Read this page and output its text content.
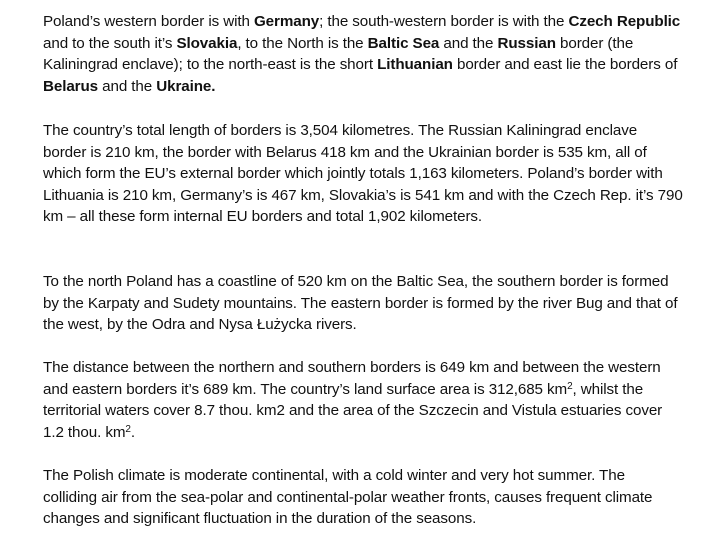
Poland’s western border is with Germany; the south-western border is with the Czech Republic and to the south it’s Slovakia, to the North is the Baltic Sea and the Russian border (the Kaliningrad enclave); to the north-east is the short Lithuanian border and east lie the borders of Belarus and the Ukraine.

The country’s total length of borders is 3,504 kilometres. The Russian Kaliningrad enclave border is 210 km, the border with Belarus 418 km and the Ukrainian border is 535 km, all of which form the EU’s external border which jointly totals 1,163 kilometers. Poland’s border with Lithuania is 210 km, Germany’s is 467 km, Slovakia’s is 541 km and with the Czech Rep. it’s 790 km – all these form internal EU borders and total 1,902 kilometers.

To the north Poland has a coastline of 520 km on the Baltic Sea, the southern border is formed by the Karpaty and Sudety mountains. The eastern border is formed by the river Bug and that of the west, by the Odra and Nysa Łużycka rivers.

The distance between the northern and southern borders is 649 km and between the western and eastern borders it’s 689 km. The country’s land surface area is 312,685 $km^2$, whilst the territorial waters cover 8.7 thou. km2 and the area of the Szczecin and Vistula estuaries cover 1.2 thou. $km^2$.

The Polish climate is moderate continental, with a cold winter and very hot summer. The colliding air from the sea-polar and continental-polar weather fronts, causes frequent climate changes and significant fluctuation in the duration of the seasons.
